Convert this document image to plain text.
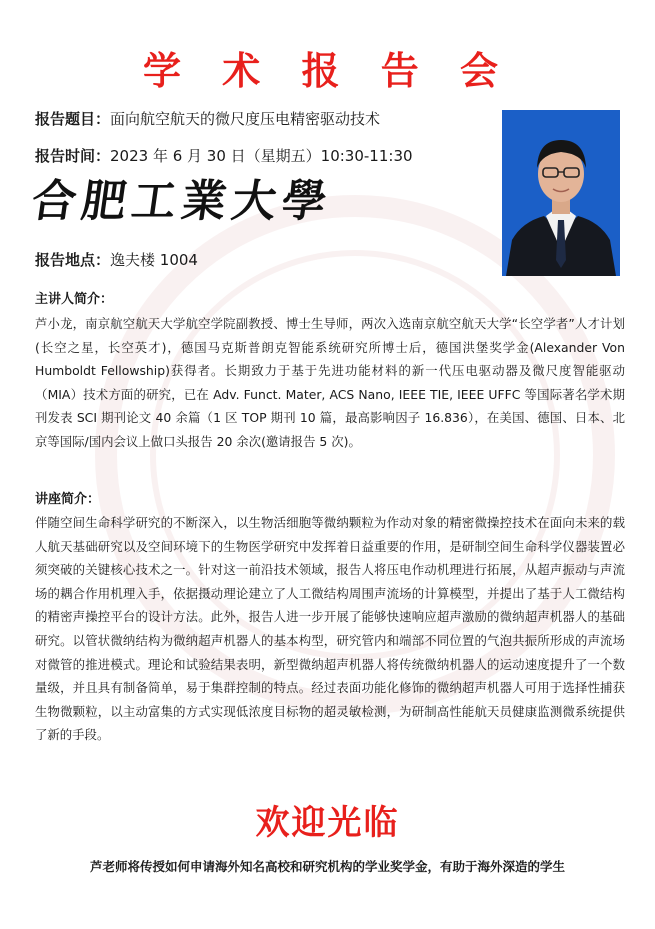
学 术 报 告 会
报告题目：面向航空航天的微尺度压电精密驱动技术
报告时间：2023 年 6 月 30 日（星期五）10:30-11:30
合肥工業大學
报告地点：逸夫楼 1004
主讲人简介：
芦小龙，南京航空航天大学航空学院副教授、博士生导师，两次入选南京航空航天大学“长空学者”人才计划(长空之星，长空英才)，德国马克斯普朗克智能系统研究所博士后，德国洪堡奖学金(Alexander Von Humboldt Fellowship)获得者。长期致力于基于先进功能材料的新一代压电驱动器及微尺度智能驱动（MIA）技术方面的研究，已在 Adv. Funct. Mater, ACS Nano, IEEE TIE, IEEE UFFC 等国际著名学术期刊发表 SCI 期刊论文 40 余篇（1 区 TOP 期刊 10 篇，最高影响因子 16.836），在美国、德国、日本、北京等国际/国内会议上做口头报告 20 余次(邀请报告 5 次)。
讲座简介：
伴随空间生命科学研究的不断深入，以生物活细胞等微纳颗粒为作动对象的精密微操控技术在面向未来的载人航天基础研究以及空间环境下的生物医学研究中发挥着日益重要的作用，是研制空间生命科学仪器装置必须突破的关键核心技术之一。针对这一前沿技术领域，报告人将压电作动机理进行拓展，从超声振动与声流场的耦合作用机理入手，依据摄动理论建立了人工微结构周围声流场的计算模型，并提出了基于人工微结构的精密声操控平台的设计方法。此外，报告人进一步开展了能够快速响应超声激励的微纳超声机器人的基础研究。以管状微纳结构为微纳超声机器人的基本构型，研究管内和端部不同位置的气泡共振所形成的声流场对微管的推进模式。理论和试验结果表明，新型微纳超声机器人将传统微纳机器人的运动速度提升了一个数量级，并且具有制备简单，易于集群控制的特点。经过表面功能化修饰的微纳超声机器人可用于选择性捕获生物微颗粒，以主动富集的方式实现低浓度目标物的超灵敏检测，为研制高性能航天员健康监测微系统提供了新的手段。
欢迎光临
芦老师将传授如何申请海外知名高校和研究机构的学业奖学金，有助于海外深造的学生
